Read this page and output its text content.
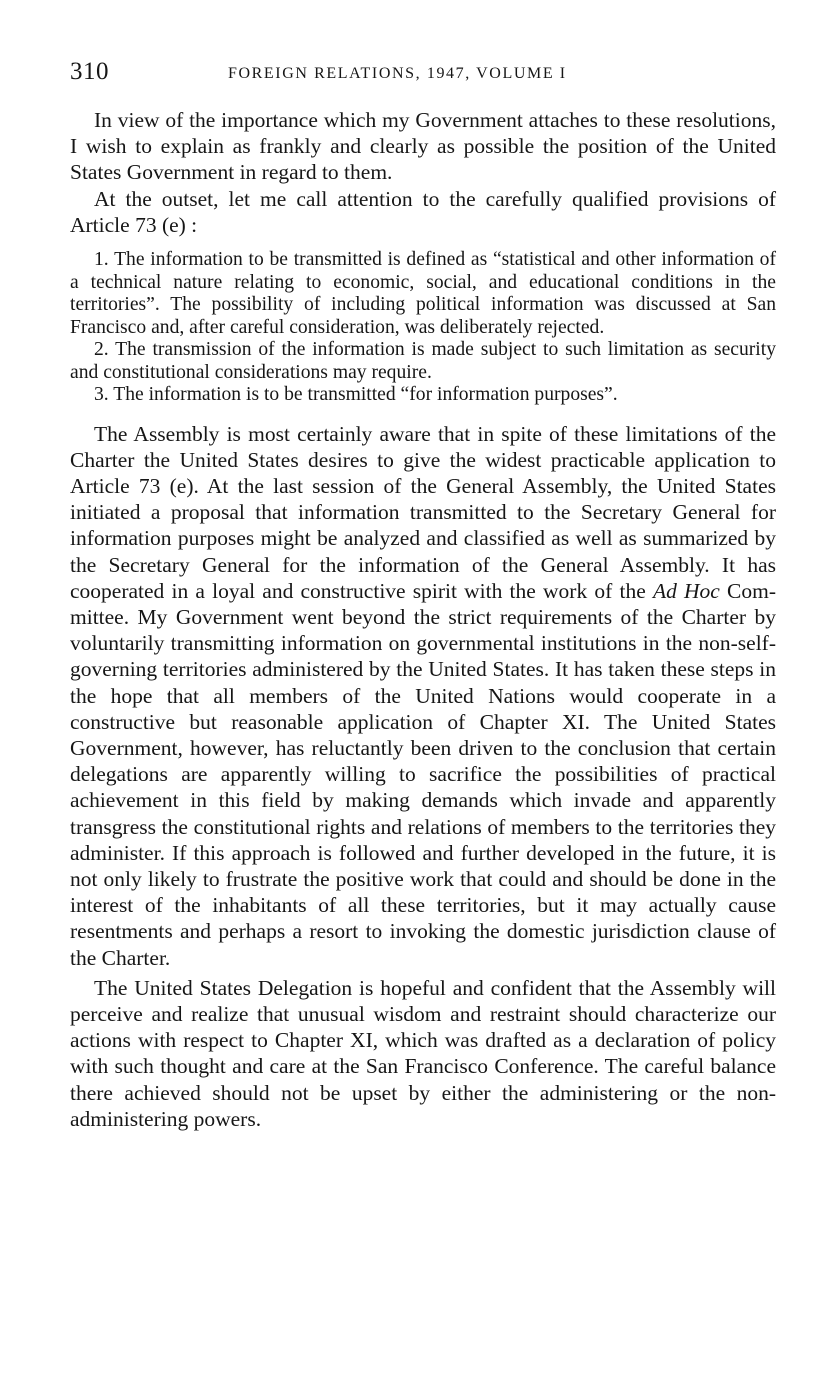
310	FOREIGN RELATIONS, 1947, VOLUME I

In view of the importance which my Government attaches to these resolutions, I wish to explain as frankly and clearly as possible the position of the United States Government in regard to them.

At the outset, let me call attention to the carefully qualified provisions of Article 73 (e) :

1. The information to be transmitted is defined as “statistical and other information of a technical nature relating to economic, social, and educational conditions in the territories”. The possibility of including political information was discussed at San Francisco and, after careful consideration, was deliberately rejected.
2. The transmission of the information is made subject to such limitation as security and constitutional considerations may require.
3. The information is to be transmitted “for information purposes”.

The Assembly is most certainly aware that in spite of these limitations of the Charter the United States desires to give the widest practicable application to Article 73 (e). At the last session of the General Assembly, the United States initiated a proposal that information transmitted to the Secretary General for information purposes might be analyzed and classified as well as summarized by the Secretary General for the information of the General Assembly. It has cooperated in a loyal and constructive spirit with the work of the Ad Hoc Committee. My Government went beyond the strict requirements of the Charter by voluntarily transmitting information on governmental institutions in the non-self-governing territories administered by the United States. It has taken these steps in the hope that all members of the United Nations would cooperate in a constructive but reasonable application of Chapter XI. The United States Government, however, has reluctantly been driven to the conclusion that certain delegations are apparently willing to sacrifice the possibilities of practical achievement in this field by making demands which invade and apparently transgress the constitutional rights and relations of members to the territories they administer. If this approach is followed and further developed in the future, it is not only likely to frustrate the positive work that could and should be done in the interest of the inhabitants of all these territories, but it may actually cause resentments and perhaps a resort to invoking the domestic jurisdiction clause of the Charter.

The United States Delegation is hopeful and confident that the Assembly will perceive and realize that unusual wisdom and restraint should characterize our actions with respect to Chapter XI, which was drafted as a declaration of policy with such thought and care at the San Francisco Conference. The careful balance there achieved should not be upset by either the administering or the non-administering powers.
